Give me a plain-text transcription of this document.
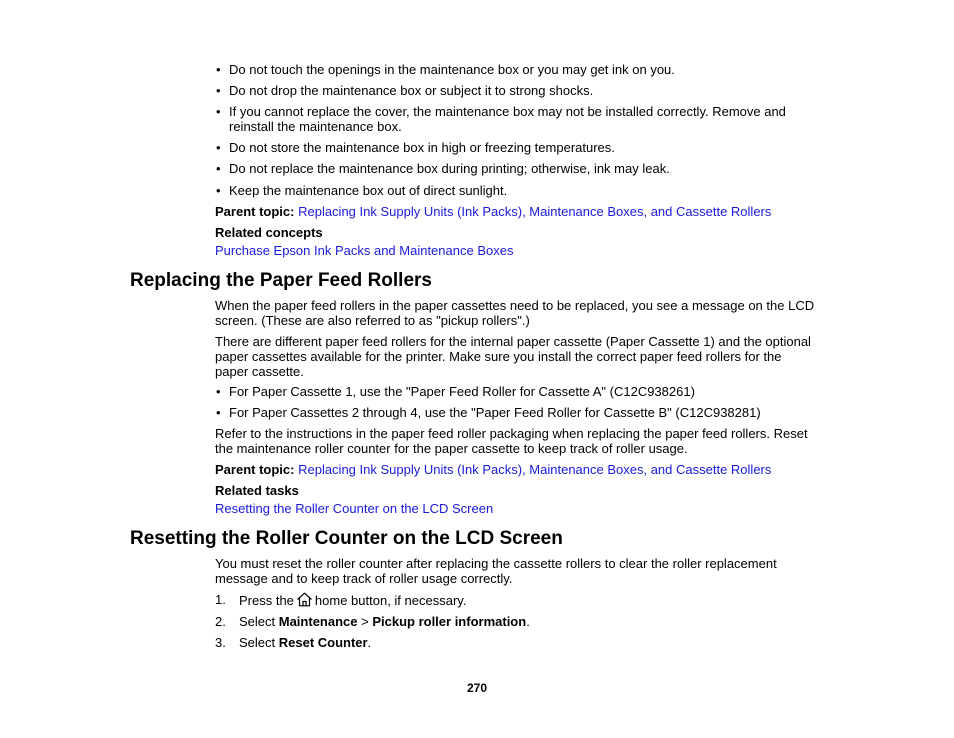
• Do not touch the openings in the maintenance box or you may get ink on you.
• Do not drop the maintenance box or subject it to strong shocks.
• If you cannot replace the cover, the maintenance box may not be installed correctly. Remove and
reinstall the maintenance box.
• Do not store the maintenance box in high or freezing temperatures.
• Do not replace the maintenance box during printing; otherwise, ink may leak.
• Keep the maintenance box out of direct sunlight.
Parent topic: Replacing Ink Supply Units (Ink Packs), Maintenance Boxes, and Cassette Rollers
Related concepts
Purchase Epson Ink Packs and Maintenance Boxes
Replacing the Paper Feed Rollers
When the paper feed rollers in the paper cassettes need to be replaced, you see a message on the LCD
screen. (These are also referred to as "pickup rollers".)
There are different paper feed rollers for the internal paper cassette (Paper Cassette 1) and the optional
paper cassettes available for the printer. Make sure you install the correct paper feed rollers for the
paper cassette.
• For Paper Cassette 1, use the "Paper Feed Roller for Cassette A" (C12C938261)
• For Paper Cassettes 2 through 4, use the "Paper Feed Roller for Cassette B" (C12C938281)
Refer to the instructions in the paper feed roller packaging when replacing the paper feed rollers. Reset
the maintenance roller counter for the paper cassette to keep track of roller usage.
Parent topic: Replacing Ink Supply Units (Ink Packs), Maintenance Boxes, and Cassette Rollers
Related tasks
Resetting the Roller Counter on the LCD Screen
Resetting the Roller Counter on the LCD Screen
You must reset the roller counter after replacing the cassette rollers to clear the roller replacement
message and to keep track of roller usage correctly.
1. Press the home button, if necessary.
2. Select Maintenance > Pickup roller information.
3. Select Reset Counter.
270
